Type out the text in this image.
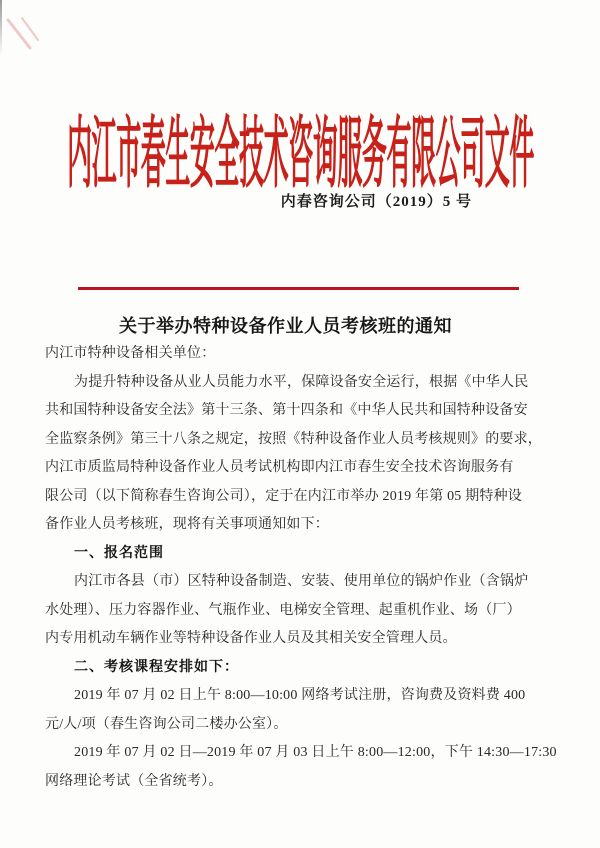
内江市春生安全技术咨询服务有限公司文件
内春咨询公司（2019）5 号
关于举办特种设备作业人员考核班的通知
内江市特种设备相关单位：
为提升特种设备从业人员能力水平，保障设备安全运行，根据《中华人民
共和国特种设备安全法》第十三条、第十四条和《中华人民共和国特种设备安
全监察条例》第三十八条之规定，按照《特种设备作业人员考核规则》的要求，
内江市质监局特种设备作业人员考试机构即内江市春生安全技术咨询服务有
限公司（以下简称春生咨询公司），定于在内江市举办 2019 年第 05 期特种设
备作业人员考核班，现将有关事项通知如下：
一、报名范围
内江市各县（市）区特种设备制造、安装、使用单位的锅炉作业（含锅炉
水处理）、压力容器作业、气瓶作业、电梯安全管理、起重机作业、场（厂）
内专用机动车辆作业等特种设备作业人员及其相关安全管理人员。
二、考核课程安排如下：
2019 年 07 月 02 日上午 8:00—10:00 网络考试注册，咨询费及资料费 400
元/人/项（春生咨询公司二楼办公室）。
2019 年 07 月 02 日—2019 年 07 月 03 日上午 8:00—12:00，下午 14:30—17:30
网络理论考试（全省统考）。
